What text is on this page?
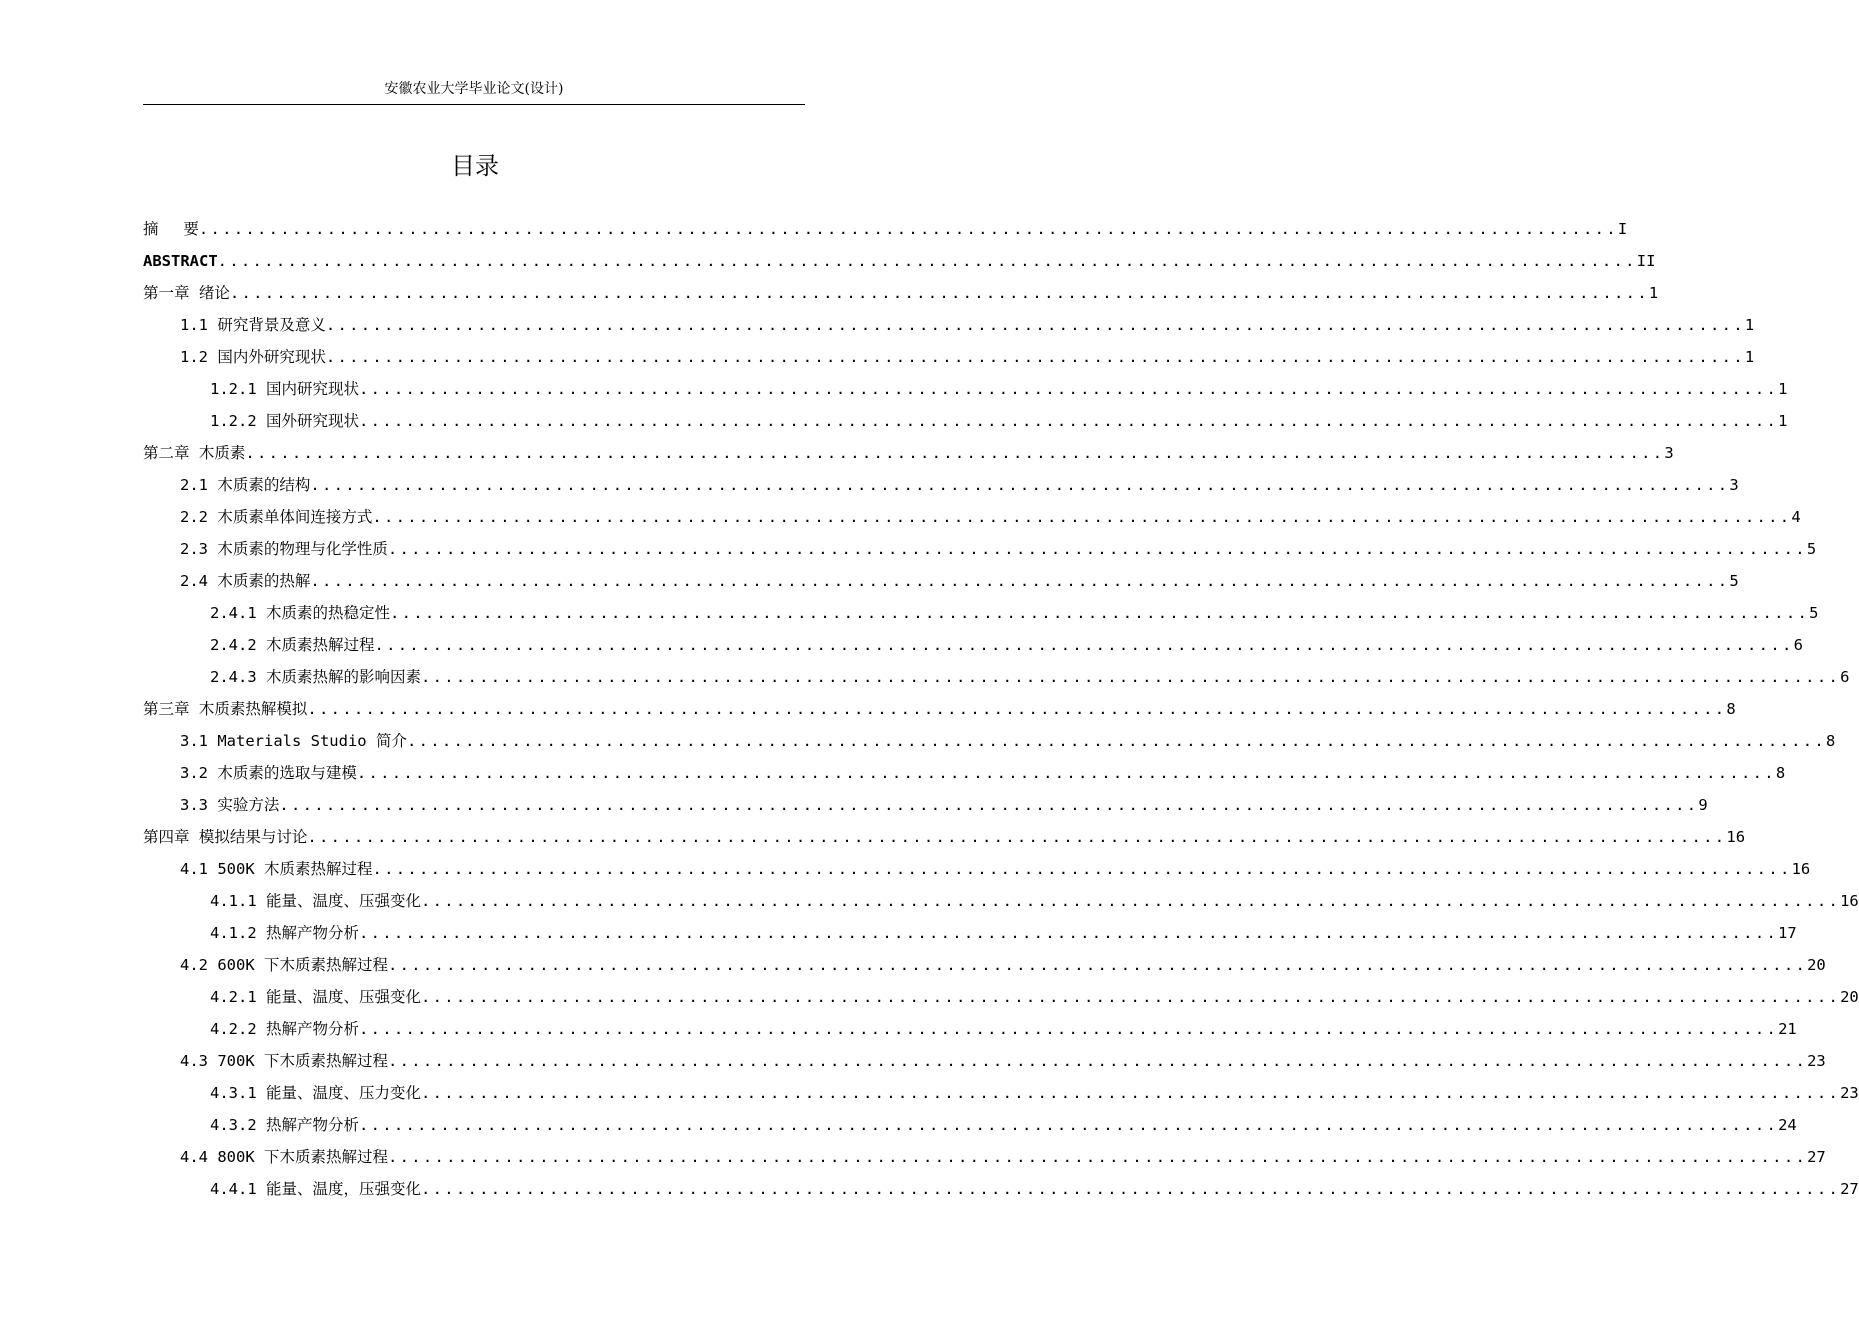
安徽农业大学毕业论文(设计)
目录
摘　 要 .......................................................................................................................... I
ABSTRACT .......................................................................................................................... II
第一章 绪论 .......................................................................................................................... 1
1.1 研究背景及意义 .......................................................................................................................... 1
1.2 国内外研究现状 .......................................................................................................................... 1
1.2.1 国内研究现状 .......................................................................................................................... 1
1.2.2 国外研究现状 .......................................................................................................................... 1
第二章 木质素 .......................................................................................................................... 3
2.1 木质素的结构 .......................................................................................................................... 3
2.2 木质素单体间连接方式 .......................................................................................................................... 4
2.3 木质素的物理与化学性质 .......................................................................................................................... 5
2.4 木质素的热解 .......................................................................................................................... 5
2.4.1 木质素的热稳定性 .......................................................................................................................... 5
2.4.2 木质素热解过程 .......................................................................................................................... 6
2.4.3 木质素热解的影响因素 .......................................................................................................................... 6
第三章 木质素热解模拟 .......................................................................................................................... 8
3.1 Materials Studio 简介 .......................................................................................................................... 8
3.2 木质素的选取与建模 .......................................................................................................................... 8
3.3 实验方法 .......................................................................................................................... 9
第四章 模拟结果与讨论 .......................................................................................................................... 16
4.1 500K 木质素热解过程 .......................................................................................................................... 16
4.1.1 能量、温度、压强变化 .......................................................................................................................... 16
4.1.2 热解产物分析 .......................................................................................................................... 17
4.2 600K 下木质素热解过程 .......................................................................................................................... 20
4.2.1 能量、温度、压强变化 .......................................................................................................................... 20
4.2.2 热解产物分析 .......................................................................................................................... 21
4.3 700K 下木质素热解过程 .......................................................................................................................... 23
4.3.1 能量、温度、压力变化 .......................................................................................................................... 23
4.3.2 热解产物分析 .......................................................................................................................... 24
4.4 800K 下木质素热解过程 .......................................................................................................................... 27
4.4.1 能量、温度，压强变化 .......................................................................................................................... 27
